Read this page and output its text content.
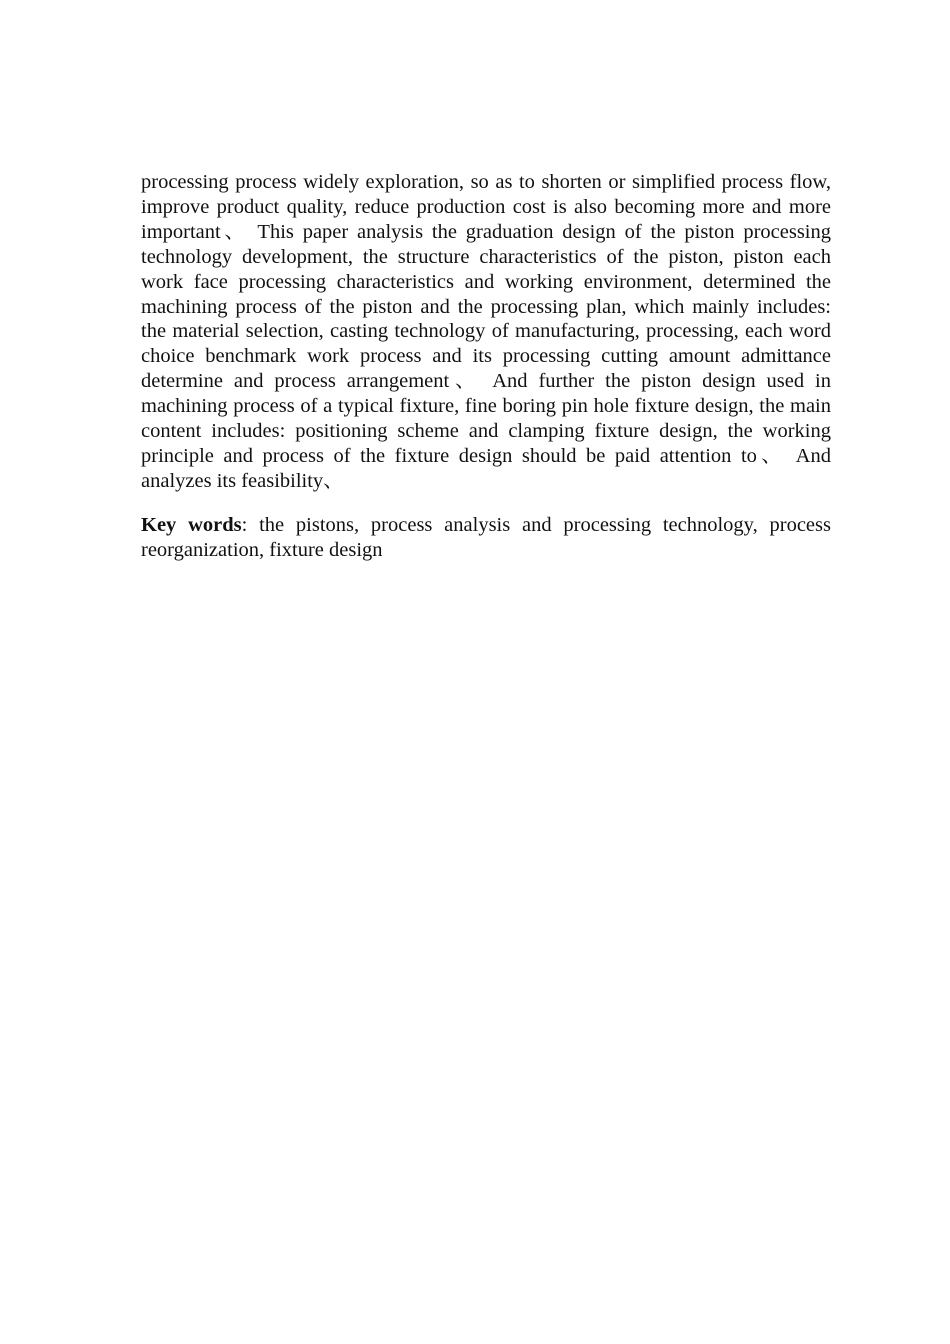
processing process widely exploration, so as to shorten or simplified process flow, improve product quality, reduce production cost is also becoming more and more important、 This paper analysis the graduation design of the piston processing technology development, the structure characteristics of the piston, piston each work face processing characteristics and working environment, determined the machining process of the piston and the processing plan, which mainly includes: the material selection, casting technology of manufacturing, processing, each word choice benchmark work process and its processing cutting amount admittance determine and process arrangement、 And further the piston design used in machining process of a typical fixture, fine boring pin hole fixture design, the main content includes: positioning scheme and clamping fixture design, the working principle and process of the fixture design should be paid attention to、 And analyzes its feasibility、

Key words: the pistons, process analysis and processing technology, process reorganization, fixture design
